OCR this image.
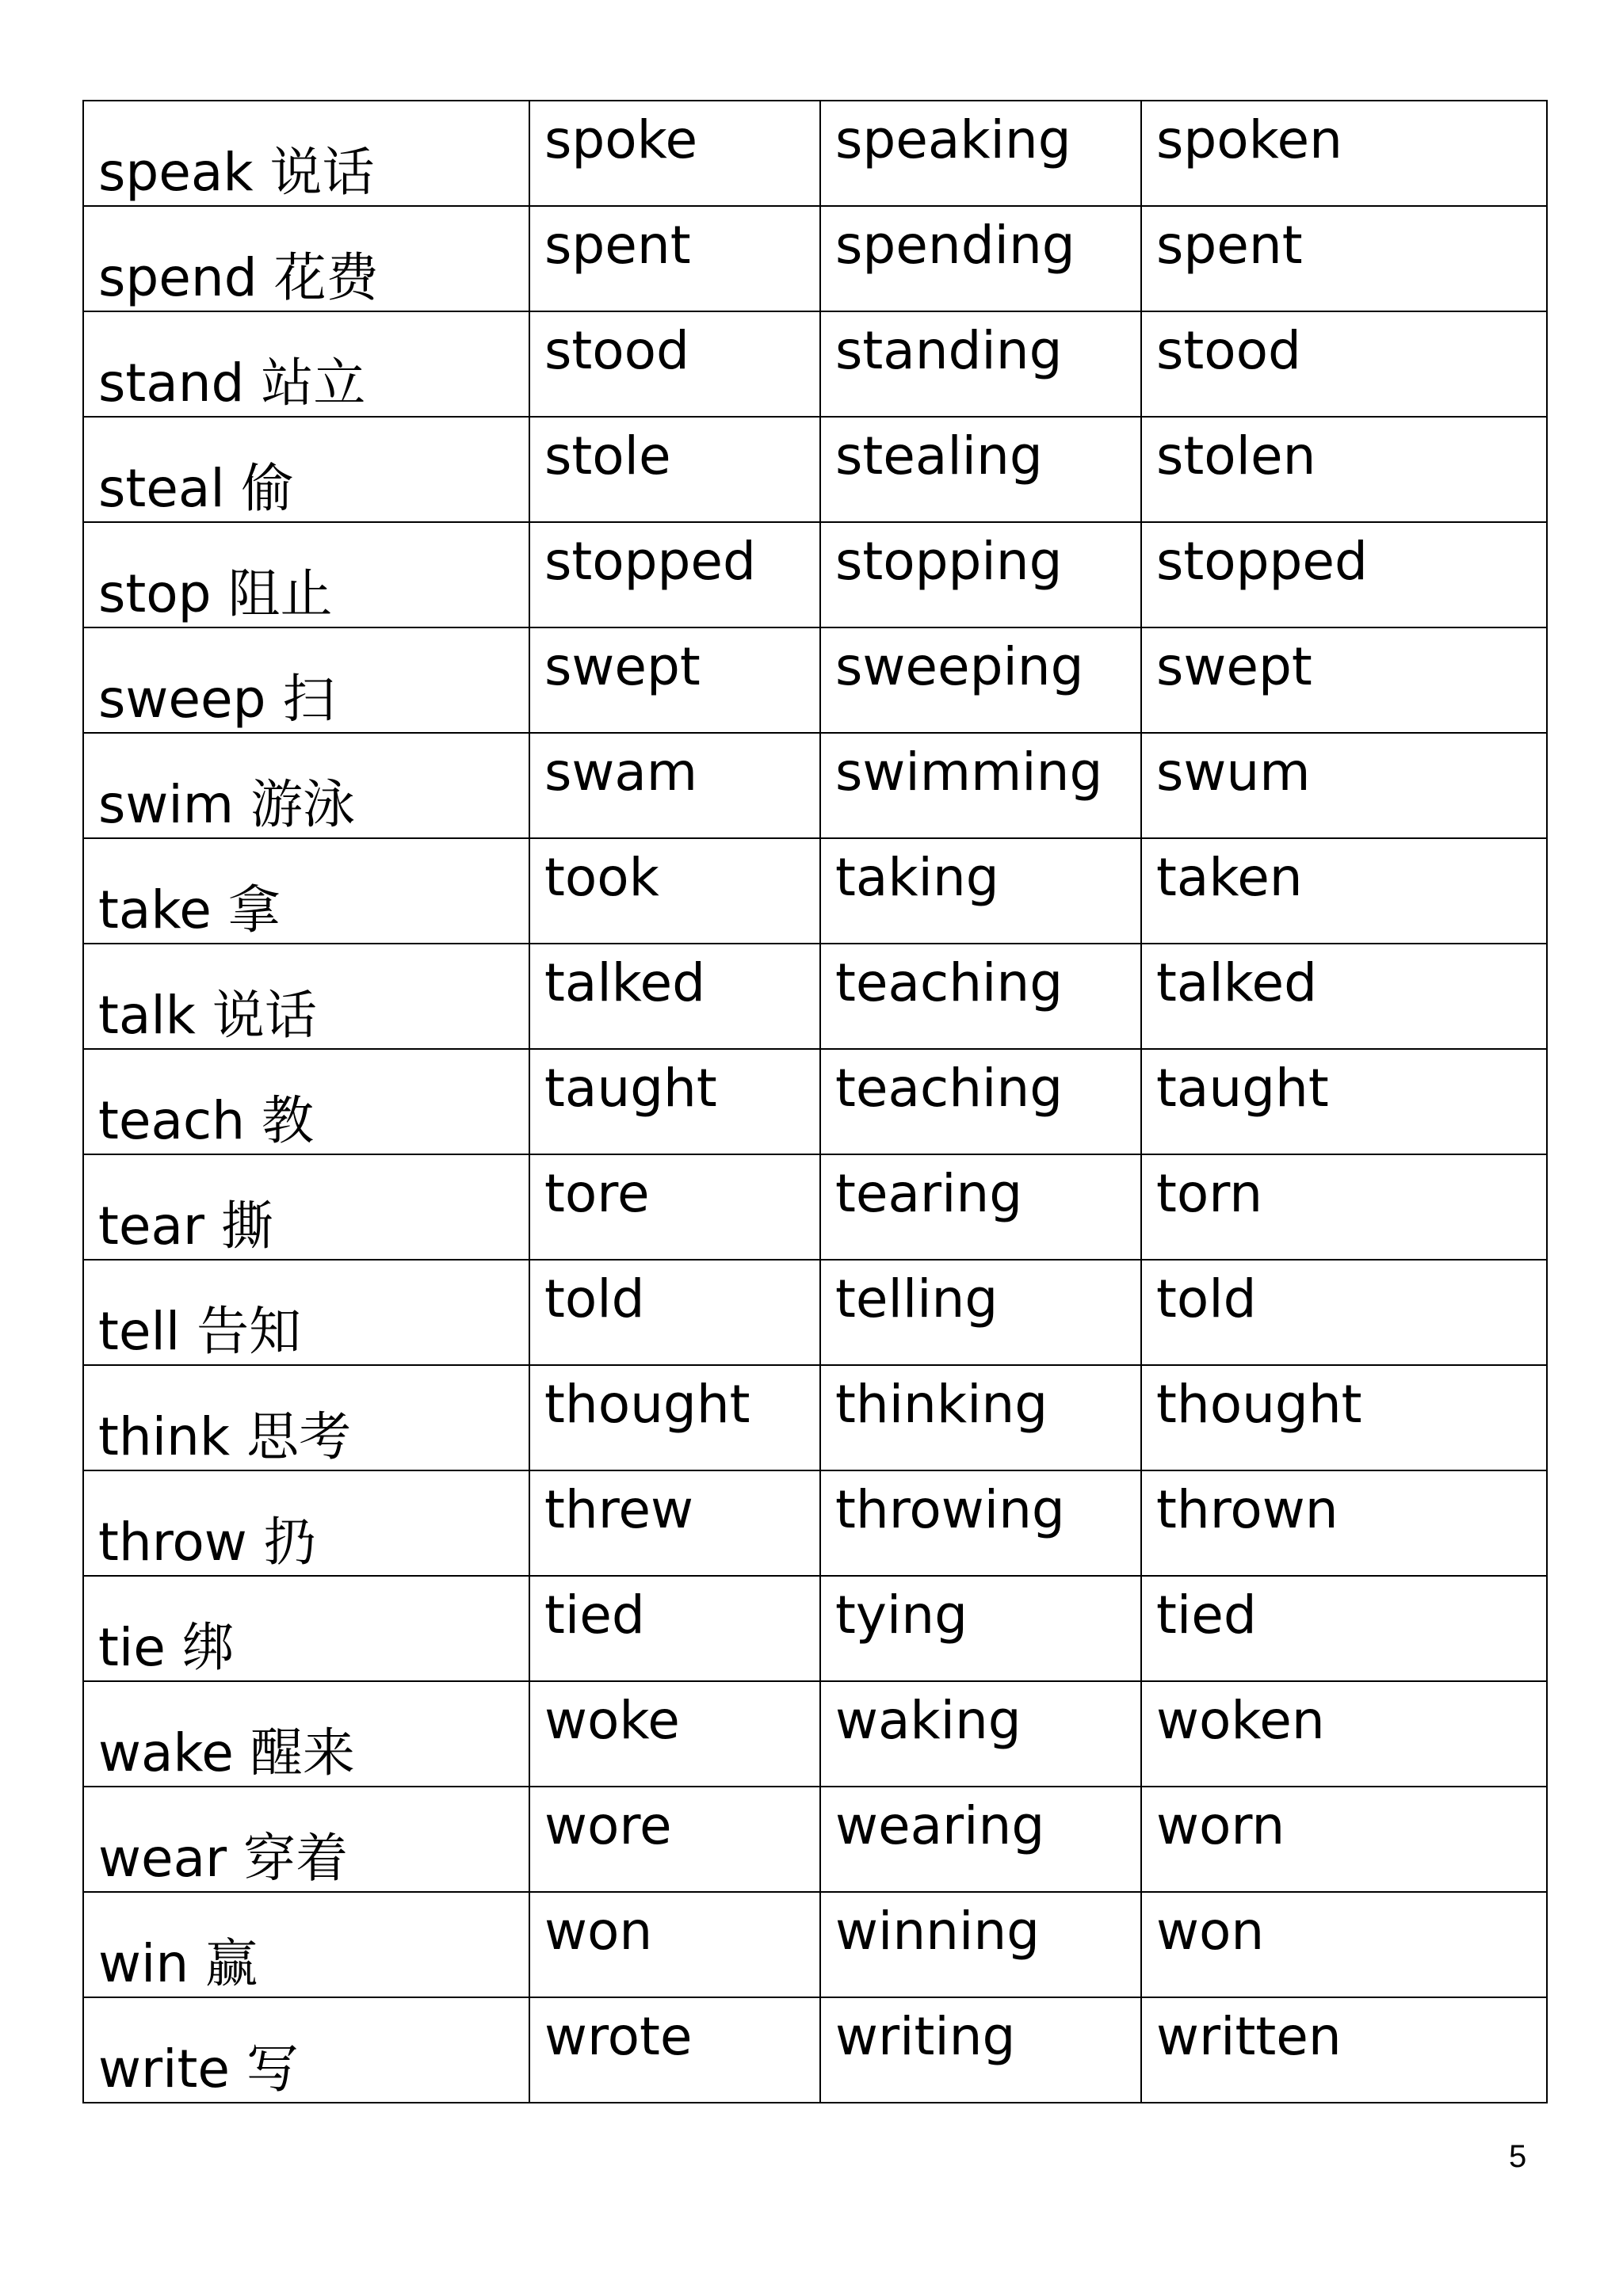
speak 说话	spoke	speaking	spoken
spend 花费	spent	spending	spent
stand 站立	stood	standing	stood
steal 偷	stole	stealing	stolen
stop 阻止	stopped	stopping	stopped
sweep 扫	swept	sweeping	swept
swim 游泳	swam	swimming	swum
take 拿	took	taking	taken
talk 说话	talked	teaching	talked
teach 教	taught	teaching	taught
tear 撕	tore	tearing	torn
tell 告知	told	telling	told
think 思考	thought	thinking	thought
throw 扔	threw	throwing	thrown
tie 绑	tied	tying	tied
wake 醒来	woke	waking	woken
wear 穿着	wore	wearing	worn
win 赢	won	winning	won
write 写	wrote	writing	written
5
